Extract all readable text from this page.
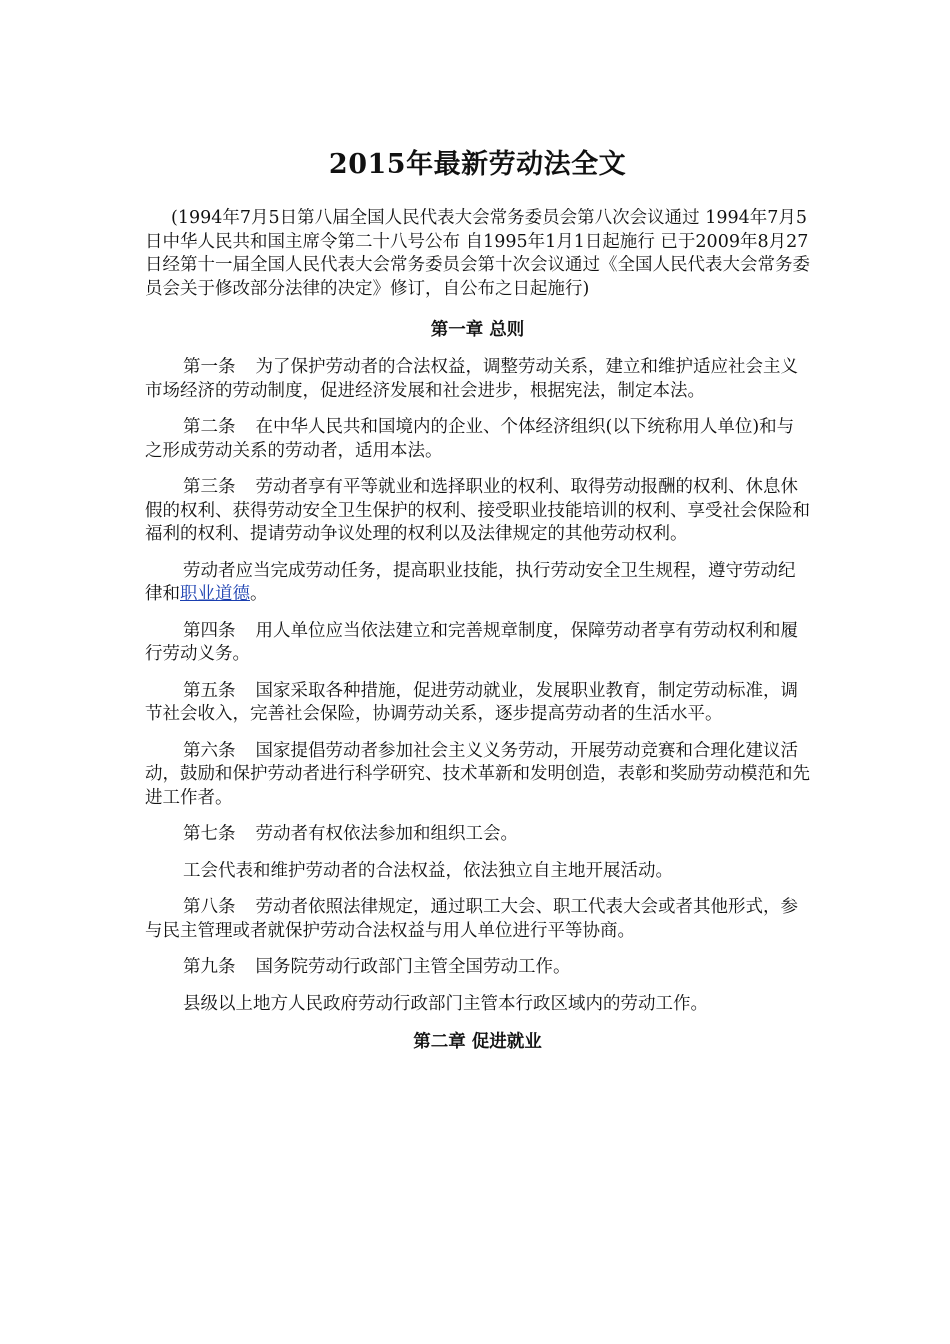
2015年最新劳动法全文

(1994年7月5日第八届全国人民代表大会常务委员会第八次会议通过 1994年7月5日中华人民共和国主席令第二十八号公布 自1995年1月1日起施行 已于2009年8月27日经第十一届全国人民代表大会常务委员会第十次会议通过《全国人民代表大会常务委员会关于修改部分法律的决定》修订，自公布之日起施行)

第一章 总则

第一条 为了保护劳动者的合法权益，调整劳动关系，建立和维护适应社会主义市场经济的劳动制度，促进经济发展和社会进步，根据宪法，制定本法。

第二条 在中华人民共和国境内的企业、个体经济组织(以下统称用人单位)和与之形成劳动关系的劳动者，适用本法。

第三条 劳动者享有平等就业和选择职业的权利、取得劳动报酬的权利、休息休假的权利、获得劳动安全卫生保护的权利、接受职业技能培训的权利、享受社会保险和福利的权利、提请劳动争议处理的权利以及法律规定的其他劳动权利。

劳动者应当完成劳动任务，提高职业技能，执行劳动安全卫生规程，遵守劳动纪律和职业道德。

第四条 用人单位应当依法建立和完善规章制度，保障劳动者享有劳动权利和履行劳动义务。

第五条 国家采取各种措施，促进劳动就业，发展职业教育，制定劳动标准，调节社会收入，完善社会保险，协调劳动关系，逐步提高劳动者的生活水平。

第六条 国家提倡劳动者参加社会主义义务劳动，开展劳动竞赛和合理化建议活动，鼓励和保护劳动者进行科学研究、技术革新和发明创造，表彰和奖励劳动模范和先进工作者。

第七条 劳动者有权依法参加和组织工会。

工会代表和维护劳动者的合法权益，依法独立自主地开展活动。

第八条 劳动者依照法律规定，通过职工大会、职工代表大会或者其他形式，参与民主管理或者就保护劳动合法权益与用人单位进行平等协商。

第九条 国务院劳动行政部门主管全国劳动工作。

县级以上地方人民政府劳动行政部门主管本行政区域内的劳动工作。

第二章 促进就业
